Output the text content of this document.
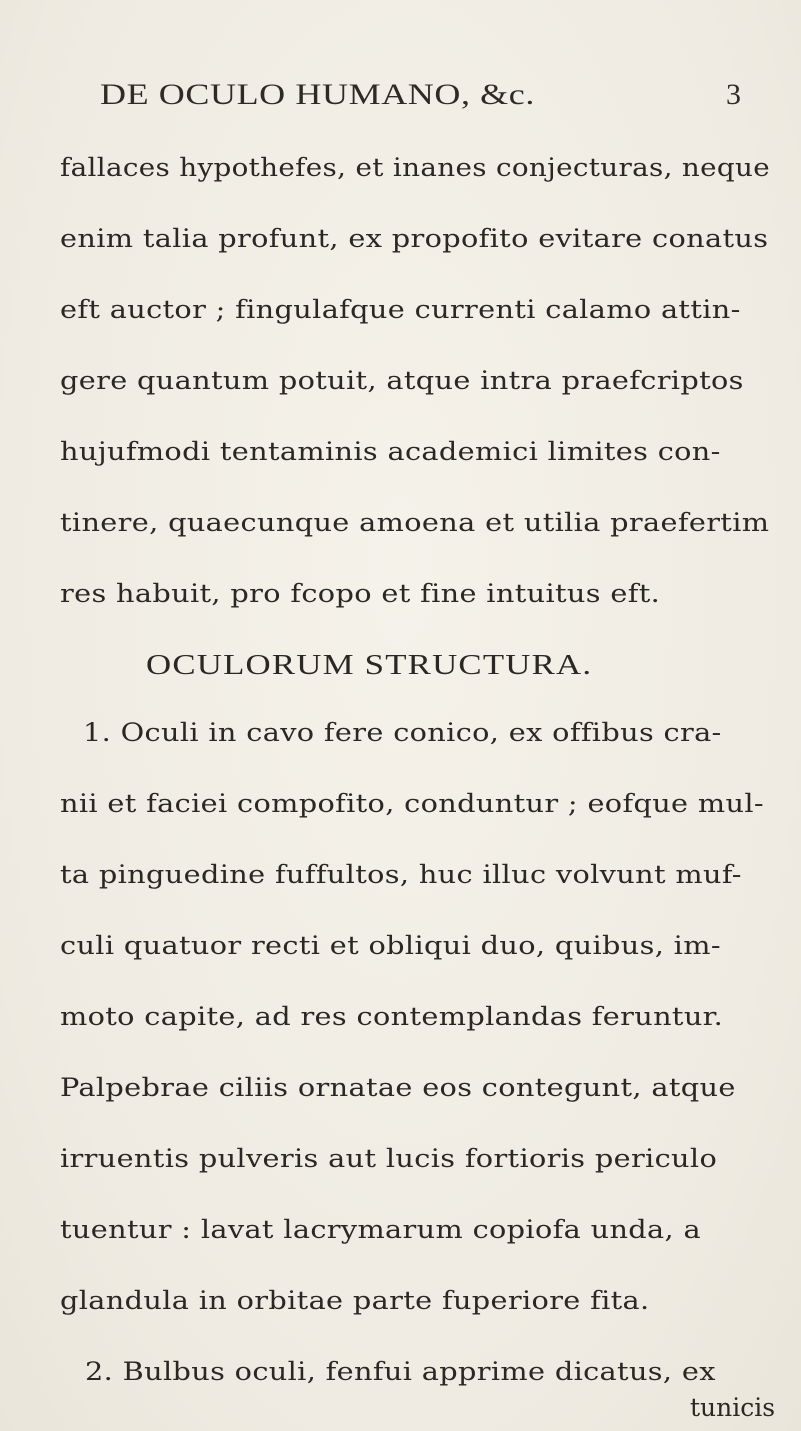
DE OCULO HUMANO, &c.	3
OCULORUM STRUCTURA.
fallaces hypothefes, et inanes conjecturas, neque
enim talia profunt, ex propofito evitare conatus
eft auctor ; fingulafque currenti calamo attin-
gere quantum potuit, atque intra praefcriptos
hujufmodi tentaminis academici limites con-
tinere, quaecunque amoena et utilia praefertim
res habuit, pro fcopo et fine intuitus eft.
1. Oculi in cavo fere conico, ex offibus cra-
nii et faciei compofito, conduntur ; eofque mul-
ta pinguedine fuffultos, huc illuc volvunt muf-
culi quatuor recti et obliqui duo, quibus, im-
moto capite, ad res contemplandas feruntur.
Palpebrae ciliis ornatae eos contegunt, atque
irruentis pulveris aut lucis fortioris periculo
tuentur : lavat lacrymarum copiofa unda, a
glandula in orbitae parte fuperiore fita.
2. Bulbus oculi, fenfui apprime dicatus, ex
tunicis
